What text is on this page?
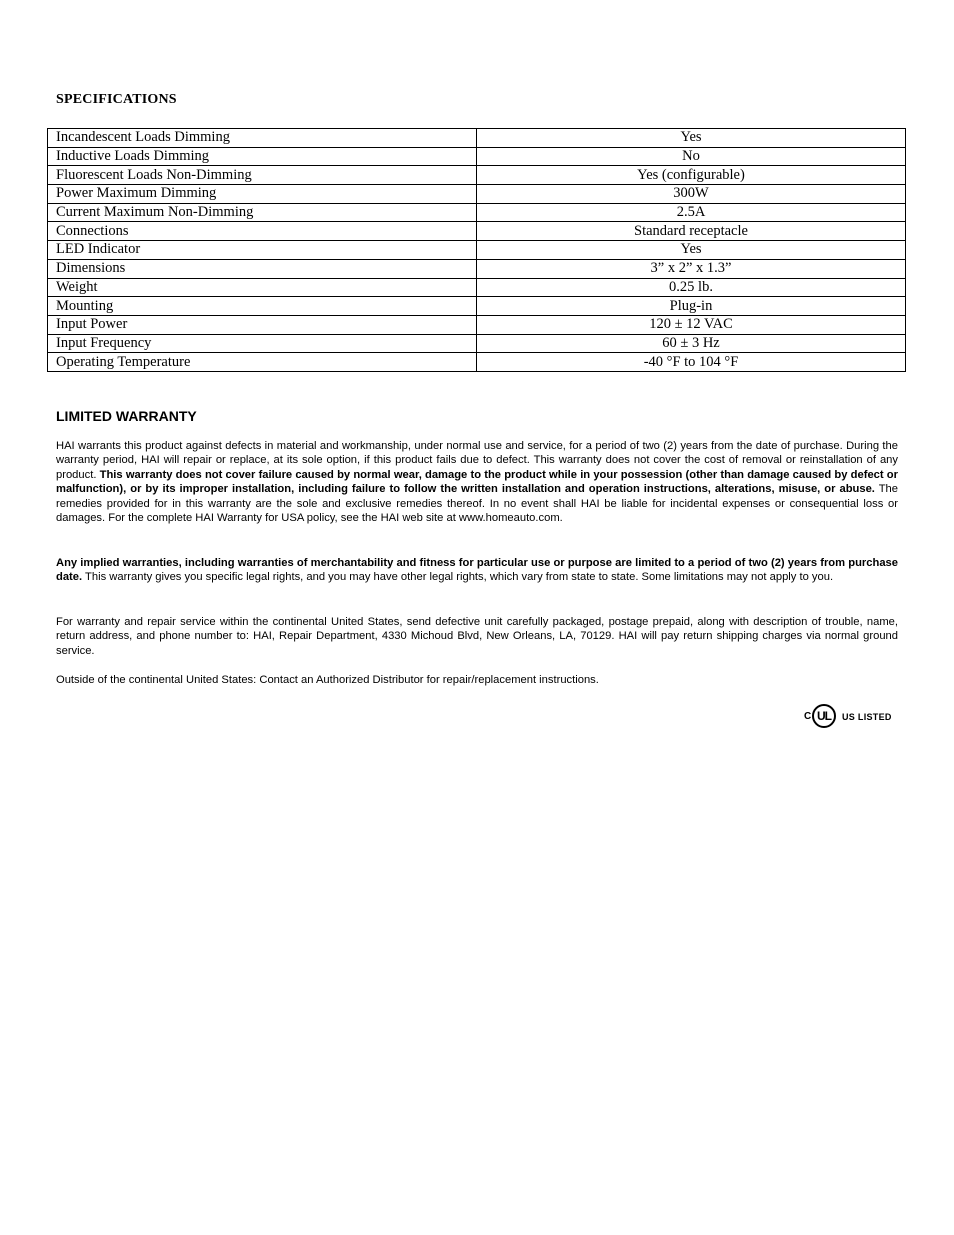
SPECIFICATIONS
Incandescent Loads Dimming	Yes
Inductive Loads Dimming	No
Fluorescent Loads Non-Dimming	Yes (configurable)
Power Maximum Dimming	300W
Current Maximum Non-Dimming	2.5A
Connections	Standard receptacle
LED Indicator	Yes
Dimensions	3” x 2” x 1.3”
Weight	0.25 lb.
Mounting	Plug-in
Input Power	120 ± 12 VAC
Input Frequency	60 ± 3 Hz
Operating Temperature	-40 °F to 104 °F
LIMITED WARRANTY

HAI warrants this product against defects in material and workmanship, under normal use and service, for a period of two (2) years from the date of purchase. During the warranty period, HAI will repair or replace, at its sole option, if this product fails due to defect. This warranty does not cover the cost of removal or reinstallation of any product. This warranty does not cover failure caused by normal wear, damage to the product while in your possession (other than damage caused by defect or malfunction), or by its improper installation, including failure to follow the written installation and operation instructions, alterations, misuse, or abuse. The remedies provided for in this warranty are the sole and exclusive remedies thereof. In no event shall HAI be liable for incidental expenses or consequential loss or damages. For the complete HAI Warranty for USA policy, see the HAI web site at www.homeauto.com.

Any implied warranties, including warranties of merchantability and fitness for particular use or purpose are limited to a period of two (2) years from purchase date. This warranty gives you specific legal rights, and you may have other legal rights, which vary from state to state. Some limitations may not apply to you.

For warranty and repair service within the continental United States, send defective unit carefully packaged, postage prepaid, along with description of trouble, name, return address, and phone number to: HAI, Repair Department, 4330 Michoud Blvd, New Orleans, LA, 70129. HAI will pay return shipping charges via normal ground service.

Outside of the continental United States: Contact an Authorized Distributor for repair/replacement instructions.

C UL	US LISTED
